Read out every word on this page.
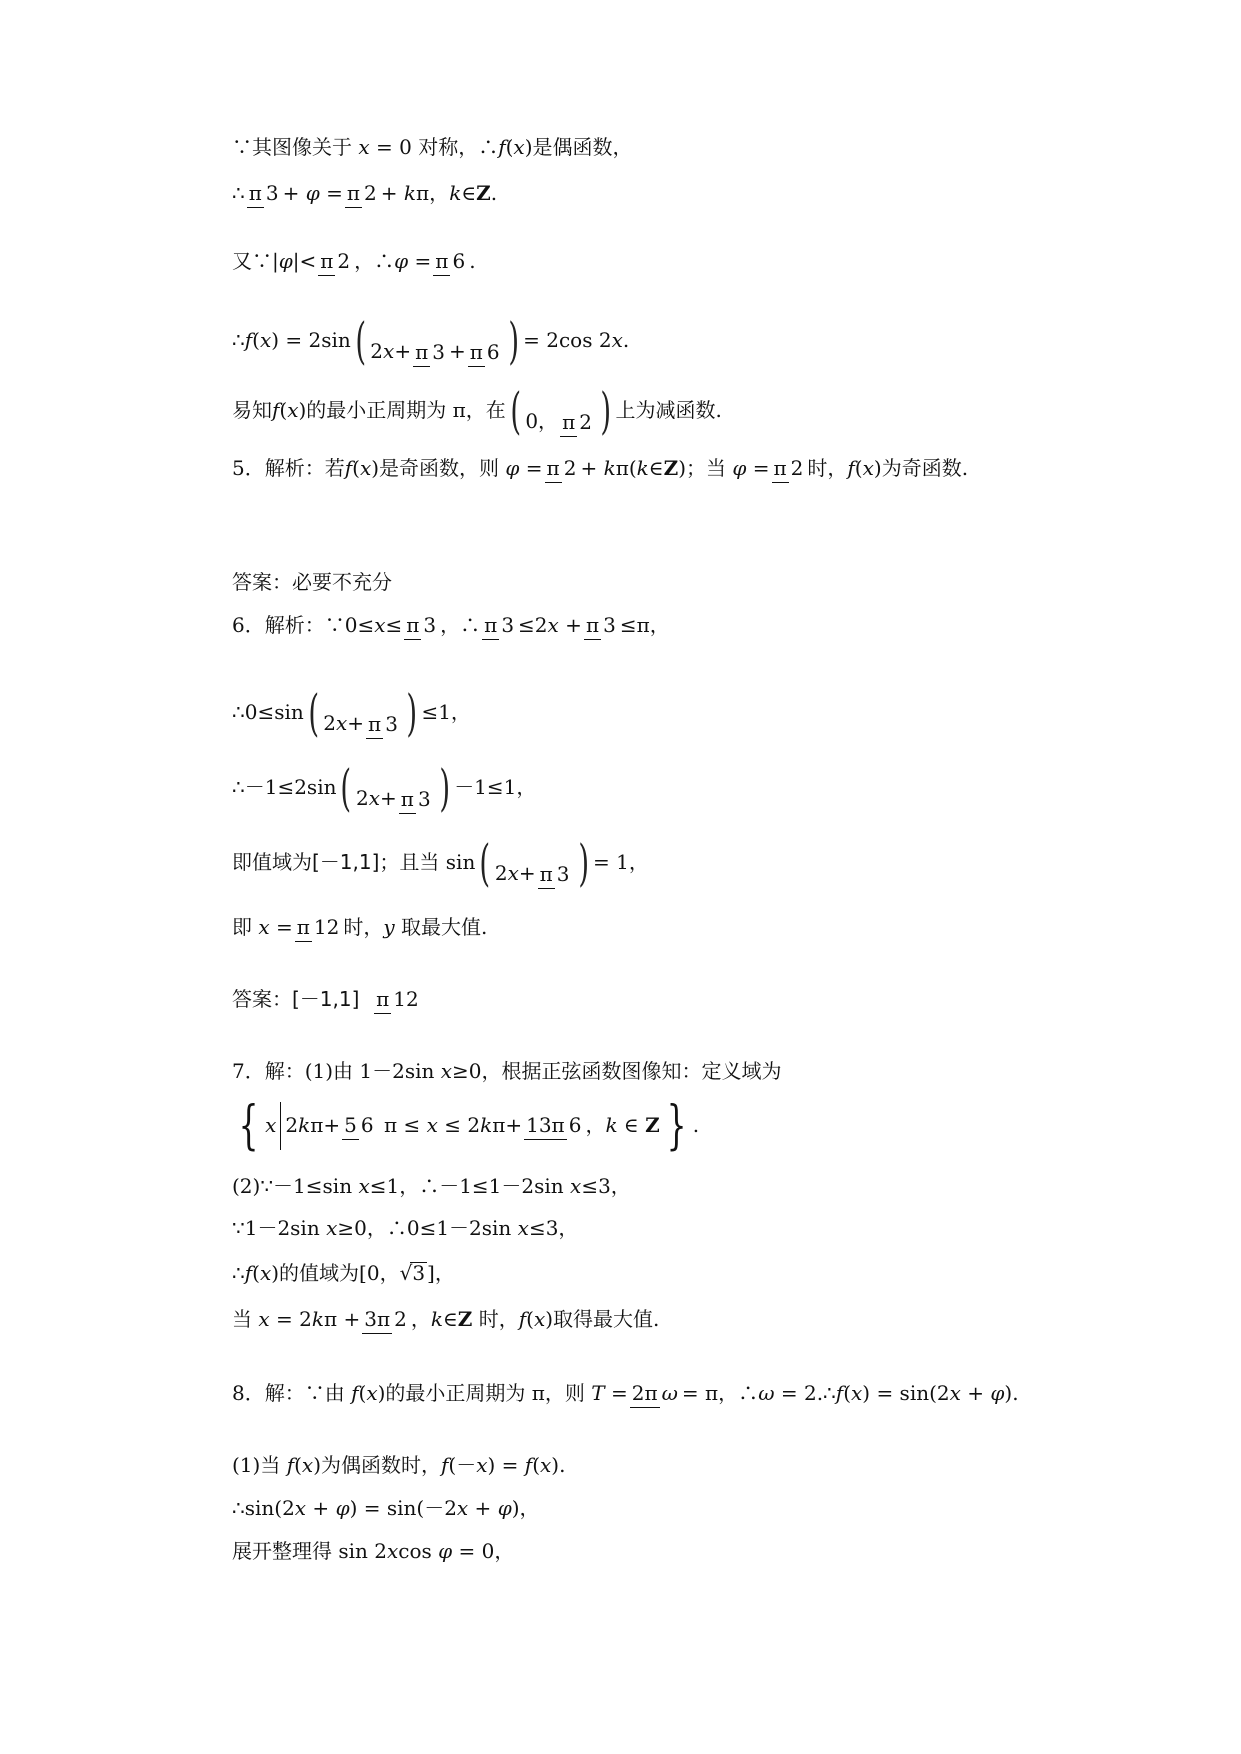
∵其图像关于 x = 0 对称，∴f(x)是偶函数，
∴ π 3 + φ =π 2 + kπ，k∈Z.
又∵|φ|< π 2 ，∴φ =π 6 .
∴f(x) = 2sin( 2x+ π 3 + π 6 )= 2cos 2x.
易知f(x)的最小正周期为 π，在( 0， π 2 ) 上为减函数.
5．解析：若f(x)是奇函数，则 φ =π 2 + kπ(k∈Z)；当 φ =π 2 时，f(x)为奇函数.
答案：必要不充分
6．解析：∵0≤x≤ π 3 ，∴ π 3 ≤2x +π 3 ≤π，
∴0≤sin( 2x+ π 3 ) ≤1，
∴－1≤2sin( 2x+ π 3 ) －1≤1，
即值域为[－1,1]；且当 sin( 2x+ π 3 )= 1，
即 x =π 12 时，y 取最大值.
答案：[－1,1] π 12
7．解：(1)由 1－2sin x≥0，根据正弦函数图像知：定义域为
{ x 2kπ+ 5 6 π ≤ x ≤ 2kπ+ 13π 6 ，k ∈ Z } .
(2)∵－1≤sin x≤1，∴－1≤1－2sin x≤3，
∵1－2sin x≥0，∴0≤1－2sin x≤3，
∴f(x)的值域为[0，√3 ]，
当 x = 2kπ +3π 2 ，k∈Z 时，f(x)取得最大值.
8．解：∵由 f(x)的最小正周期为 π，则 T =2π ω= π，∴ω = 2.∴f(x) = sin(2x + φ).
(1)当 f(x)为偶函数时，f(－x) = f(x).
∴sin(2x + φ) = sin(－2x + φ)，
展开整理得 sin 2xcos φ = 0，
